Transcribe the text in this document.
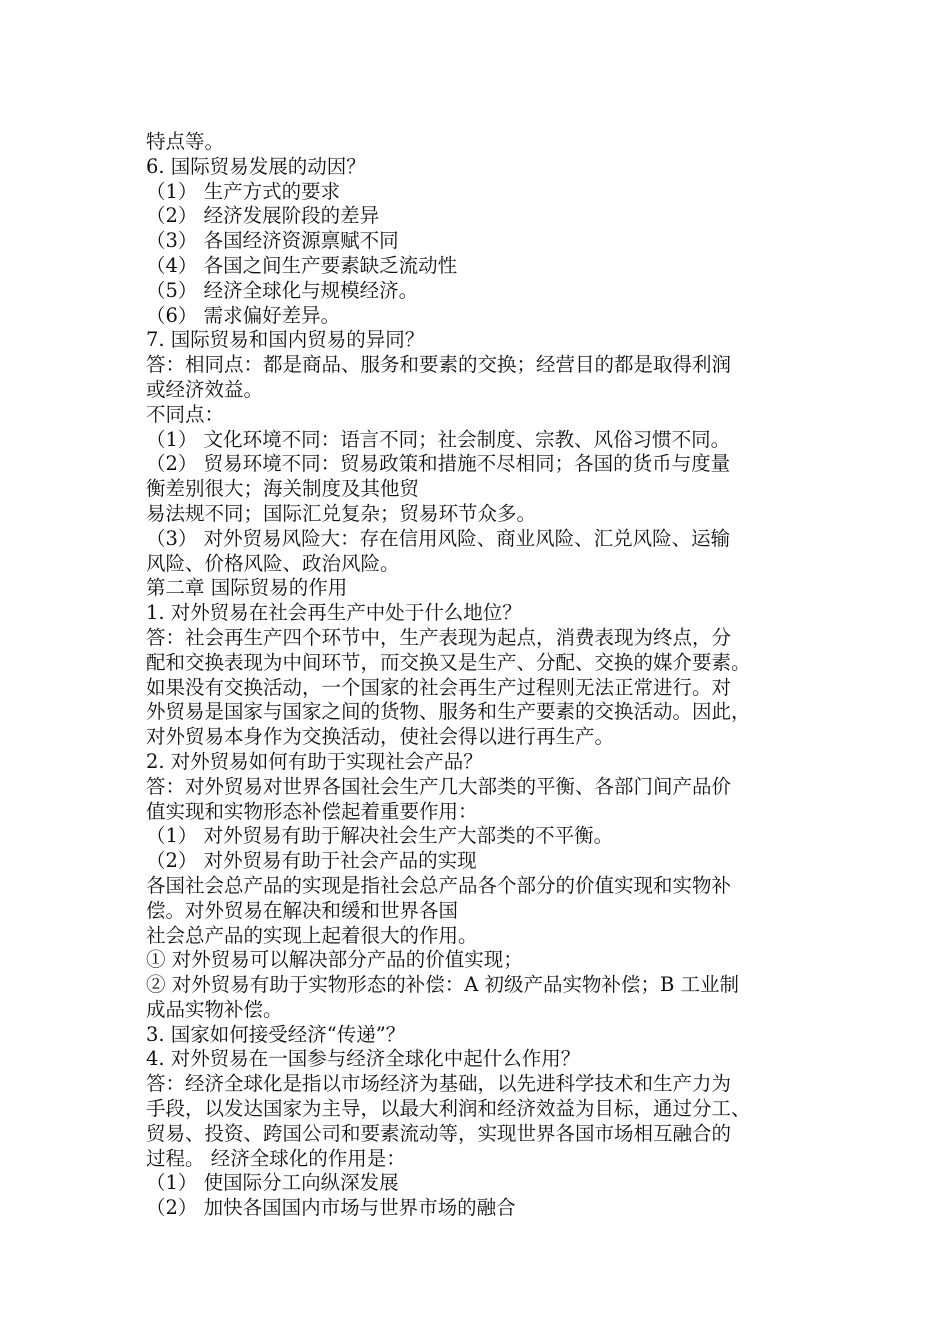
特点等。
6. 国际贸易发展的动因？
（1） 生产方式的要求
（2） 经济发展阶段的差异
（3） 各国经济资源禀赋不同
（4） 各国之间生产要素缺乏流动性
（5） 经济全球化与规模经济。
（6） 需求偏好差异。
7. 国际贸易和国内贸易的异同？
答：相同点：都是商品、服务和要素的交换；经营目的都是取得利润
或经济效益。
不同点：
（1） 文化环境不同：语言不同；社会制度、宗教、风俗习惯不同。
（2） 贸易环境不同：贸易政策和措施不尽相同；各国的货币与度量
衡差别很大；海关制度及其他贸
易法规不同；国际汇兑复杂；贸易环节众多。
（3） 对外贸易风险大：存在信用风险、商业风险、汇兑风险、运输
风险、价格风险、政治风险。
第二章 国际贸易的作用
1. 对外贸易在社会再生产中处于什么地位？
答：社会再生产四个环节中，生产表现为起点，消费表现为终点，分
配和交换表现为中间环节，而交换又是生产、分配、交换的媒介要素。
如果没有交换活动，一个国家的社会再生产过程则无法正常进行。对
外贸易是国家与国家之间的货物、服务和生产要素的交换活动。因此，
对外贸易本身作为交换活动，使社会得以进行再生产。
2. 对外贸易如何有助于实现社会产品？
答：对外贸易对世界各国社会生产几大部类的平衡、各部门间产品价
值实现和实物形态补偿起着重要作用：
（1） 对外贸易有助于解决社会生产大部类的不平衡。
（2） 对外贸易有助于社会产品的实现
各国社会总产品的实现是指社会总产品各个部分的价值实现和实物补
偿。对外贸易在解决和缓和世界各国
社会总产品的实现上起着很大的作用。
① 对外贸易可以解决部分产品的价值实现；
② 对外贸易有助于实物形态的补偿：A 初级产品实物补偿；B 工业制
成品实物补偿。
3. 国家如何接受经济“传递”？
4. 对外贸易在一国参与经济全球化中起什么作用？
答：经济全球化是指以市场经济为基础，以先进科学技术和生产力为
手段，以发达国家为主导，以最大利润和经济效益为目标，通过分工、
贸易、投资、跨国公司和要素流动等，实现世界各国市场相互融合的
过程。 经济全球化的作用是：
（1） 使国际分工向纵深发展
（2） 加快各国国内市场与世界市场的融合
